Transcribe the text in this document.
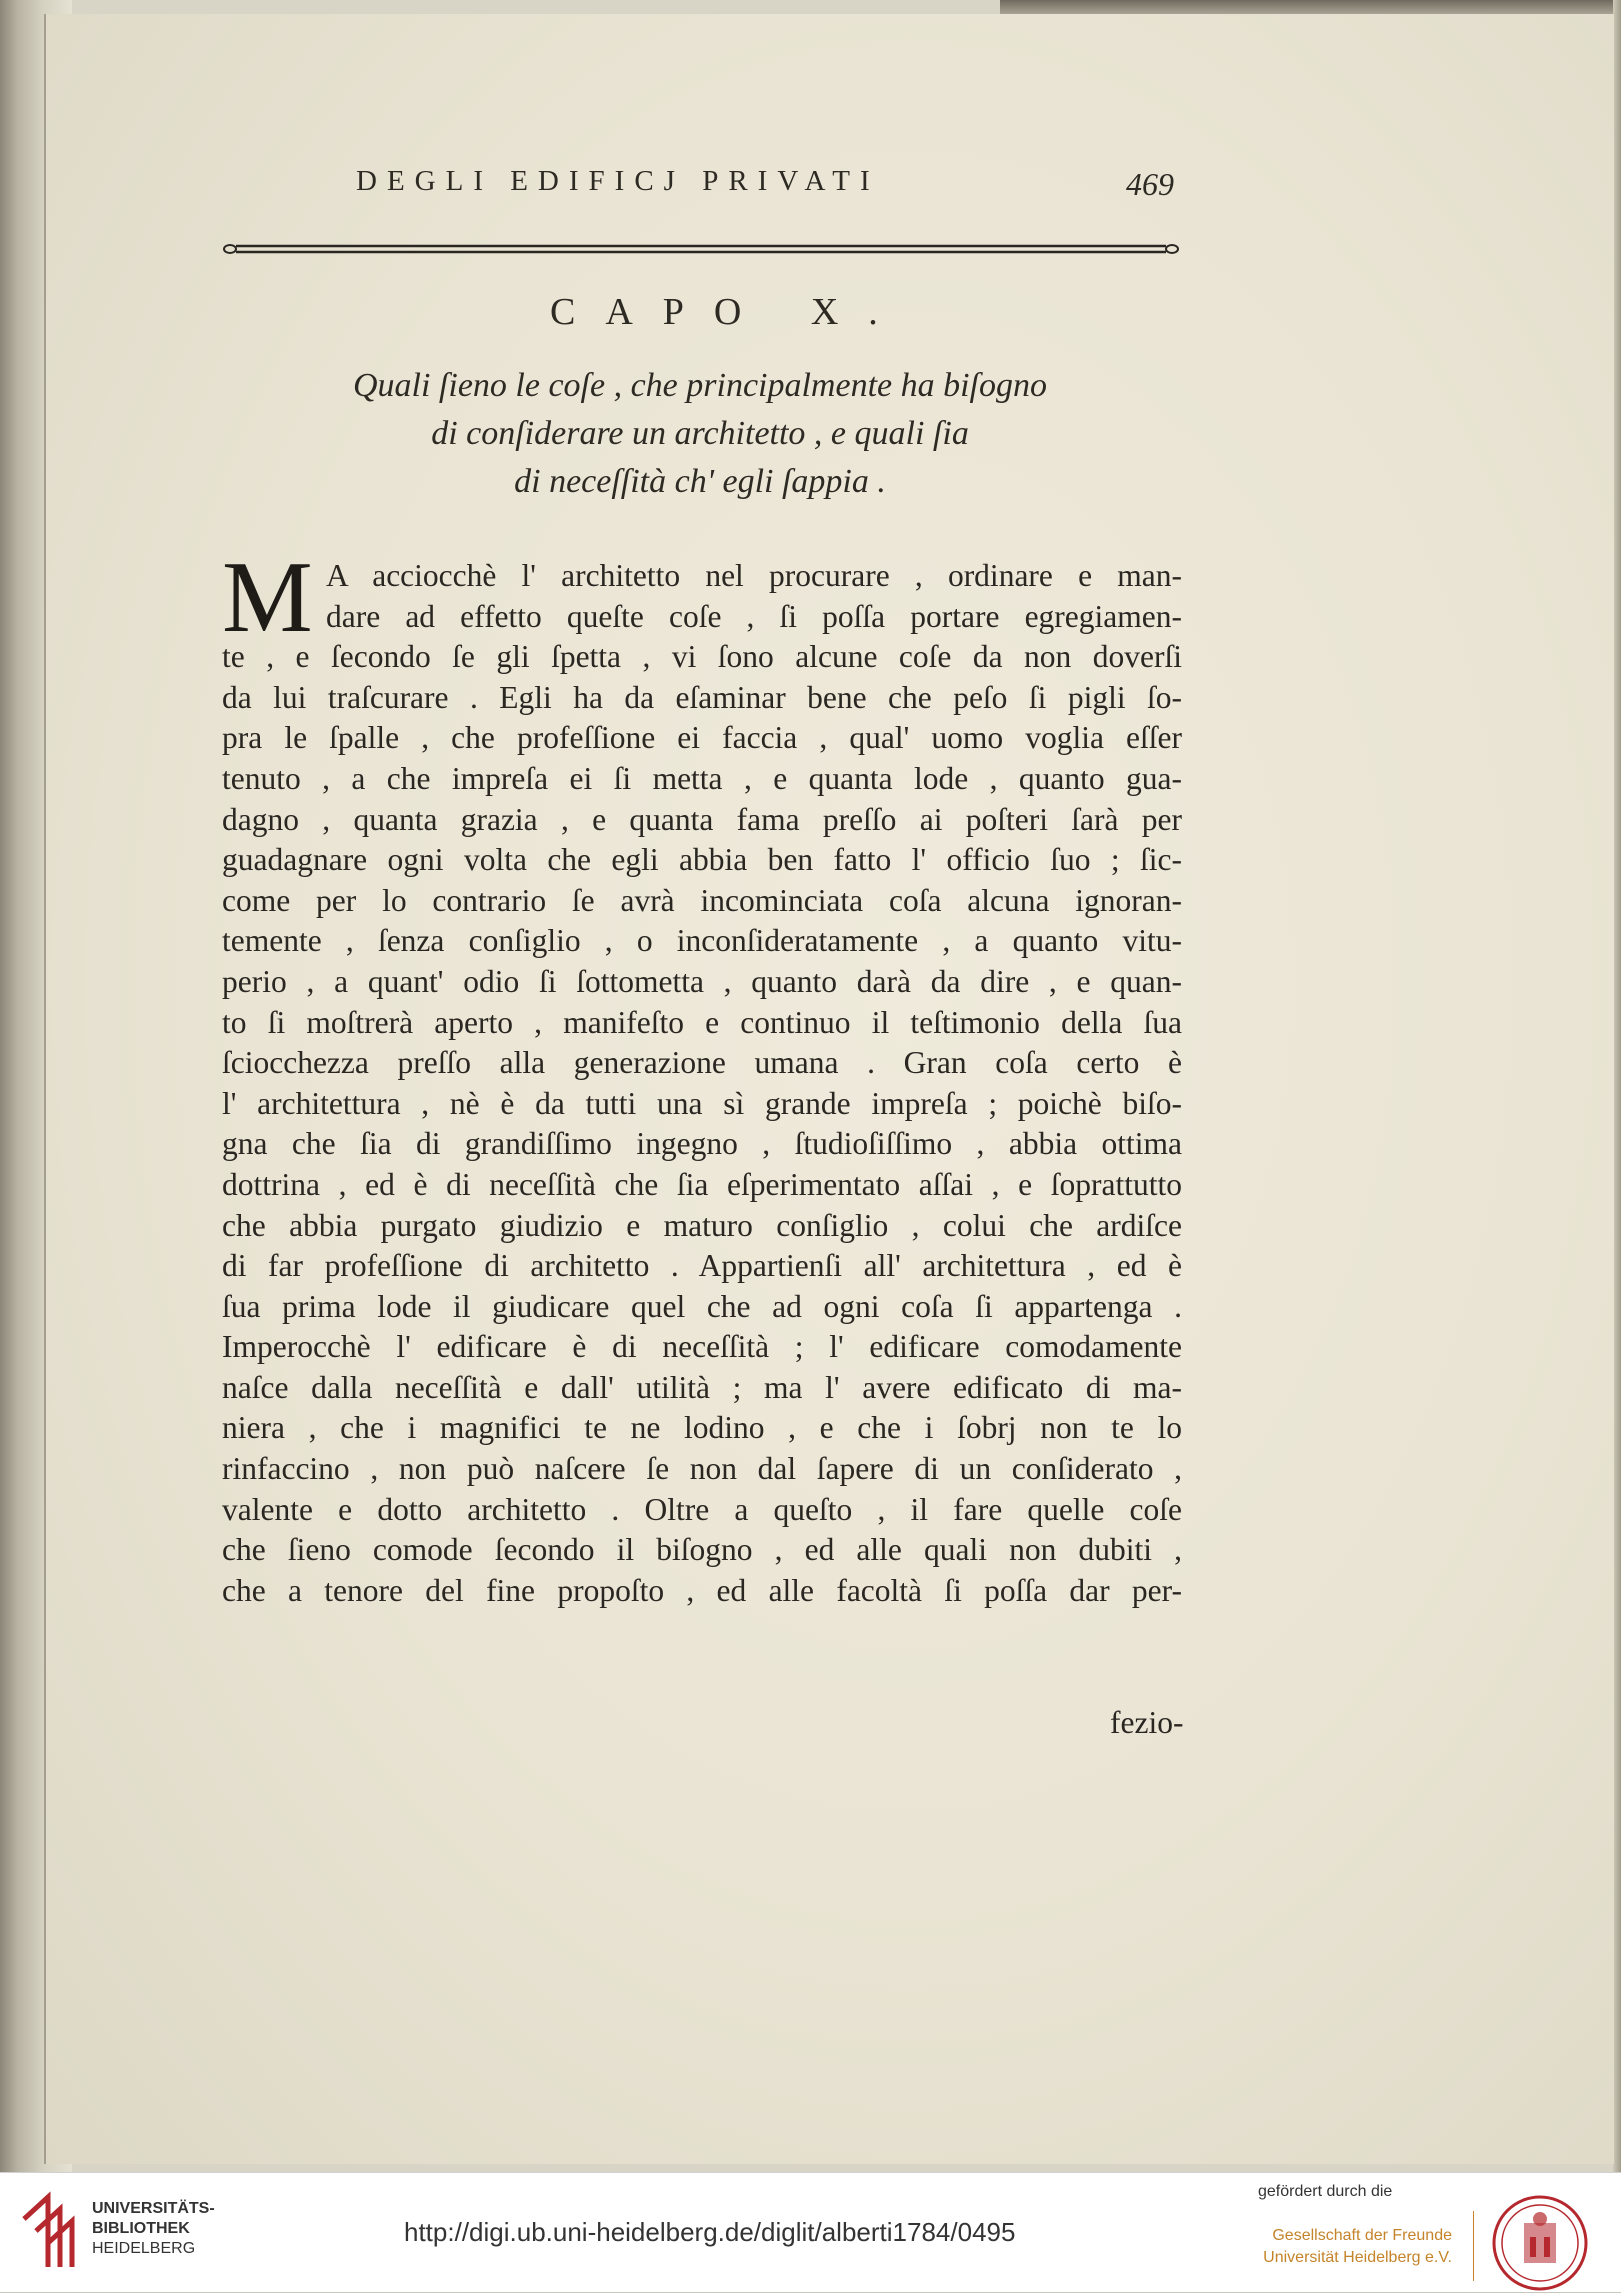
DEGLI EDIFICJ PRIVATI	469
CAPO X.
Quali ſieno le coſe , che principalmente ha biſogno
di conſiderare un architetto , e quali ſia
di neceſſità ch' egli ſappia .
M A acciocchè l' architetto nel procurare , ordinare e man-
dare ad effetto queſte coſe , ſi poſſa portare egregiamen-
te , e ſecondo ſe gli ſpetta , vi ſono alcune coſe da non doverſi
da lui traſcurare . Egli ha da eſaminar bene che peſo ſi pigli ſo-
pra le ſpalle , che profeſſione ei faccia , qual' uomo voglia eſſer
tenuto , a che impreſa ei ſi metta , e quanta lode , quanto gua-
dagno , quanta grazia , e quanta fama preſſo ai poſteri ſarà per
guadagnare ogni volta che egli abbia ben fatto l' officio ſuo ; ſic-
come per lo contrario ſe avrà incominciata coſa alcuna ignoran-
temente , ſenza conſiglio , o inconſideratamente , a quanto vitu-
perio , a quant' odio ſi ſottometta , quanto darà da dire , e quan-
to ſi moſtrerà aperto , manifeſto e continuo il teſtimonio della ſua
ſciocchezza preſſo alla generazione umana . Gran coſa certo è
l' architettura , nè è da tutti una sì grande impreſa ; poichè biſo-
gna che ſia di grandiſſimo ingegno , ſtudioſiſſimo , abbia ottima
dottrina , ed è di neceſſità che ſia eſperimentato aſſai , e ſoprattutto
che abbia purgato giudizio e maturo conſiglio , colui che ardiſce
di far profeſſione di architetto . Appartienſi all' architettura , ed è
ſua prima lode il giudicare quel che ad ogni coſa ſi appartenga .
Imperocchè l' edificare è di neceſſità ; l' edificare comodamente
naſce dalla neceſſità e dall' utilità ; ma l' avere edificato di ma-
niera , che i magnifici te ne lodino , e che i ſobrj non te lo
rinfaccino , non può naſcere ſe non dal ſapere di un conſiderato ,
valente e dotto architetto . Oltre a queſto , il fare quelle coſe
che ſieno comode ſecondo il biſogno , ed alle quali non dubiti ,
che a tenore del fine propoſto , ed alle facoltà ſi poſſa dar per-
fezio-
UNIVERSITÄTS-
BIBLIOTHEK
HEIDELBERG
http://digi.ub.uni-heidelberg.de/diglit/alberti1784/0495
gefördert durch die
Gesellschaft der Freunde
Universität Heidelberg e.V.
